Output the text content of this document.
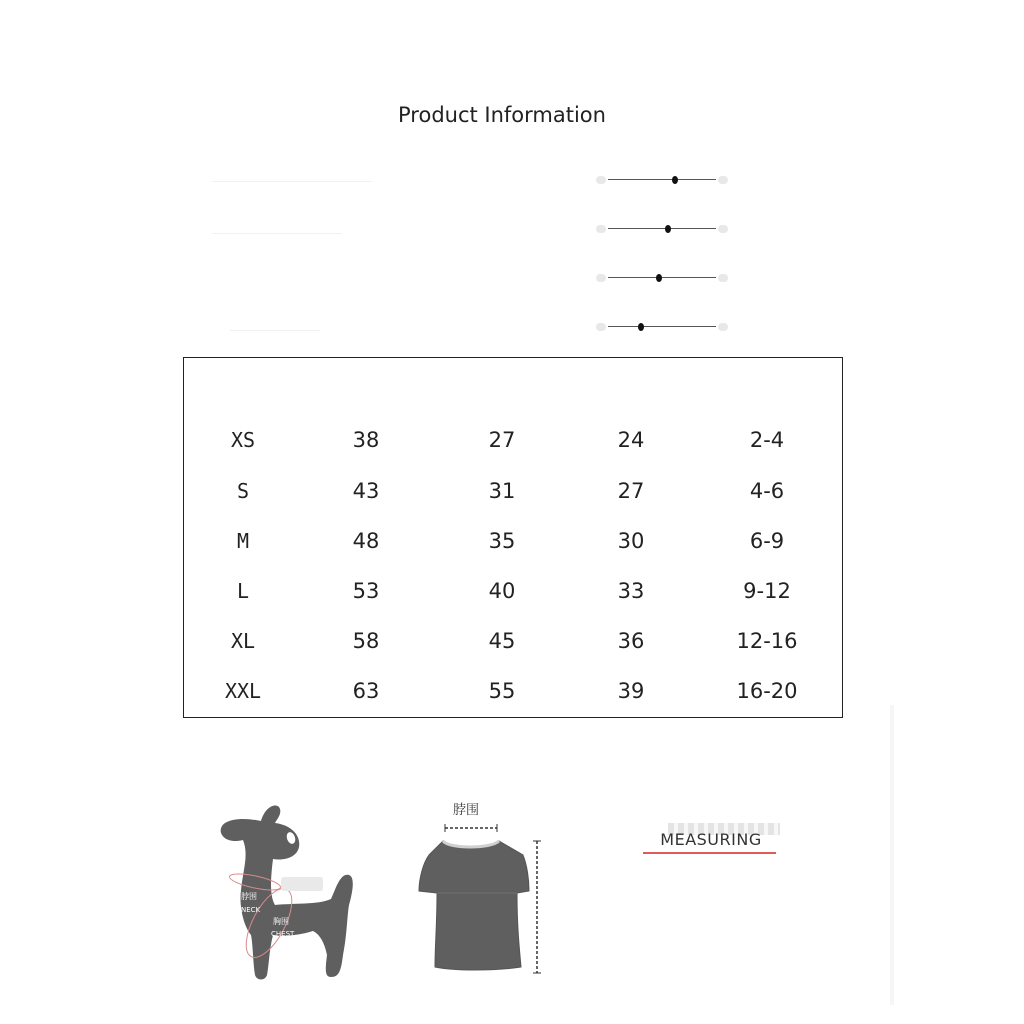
Product Information
XS	38	27	24	2-4
S	43	31	27	4-6
M	48	35	30	6-9
L	53	40	33	9-12
XL	58	45	36	12-16
XXL	63	55	39	16-20
脖围
NECK
胸围
CHEST
脖围
MEASURING
